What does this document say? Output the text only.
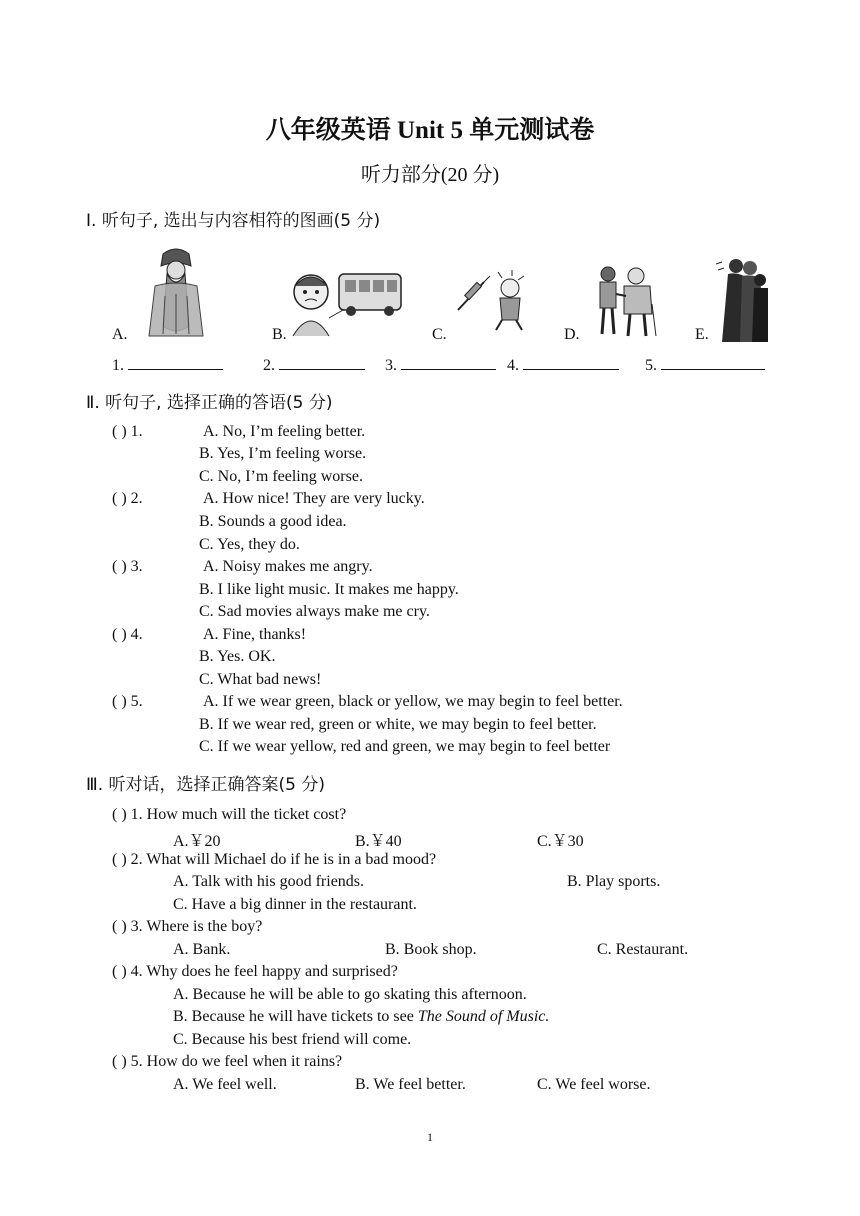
八年级英语 Unit 5 单元测试卷
听力部分(20 分)
Ⅰ. 听句子, 选出与内容相符的图画(5 分)
A.	B.	C.	D.	E.
1.	2.	3.	4.	5.
Ⅱ. 听句子, 选择正确的答语(5 分)
( ) 1.	A. No, I’m feeling better.
B. Yes, I’m feeling worse.
C. No, I’m feeling worse.
( ) 2.	A. How nice! They are very lucky.
B. Sounds a good idea.
C. Yes, they do.
( ) 3.	A. Noisy makes me angry.
B. I like light music. It makes me happy.
C. Sad movies always make me cry.
( ) 4.	A. Fine, thanks!
B. Yes. OK.
C. What bad news!
( ) 5.	A. If we wear green, black or yellow, we may begin to feel better.
B. If we wear red, green or white, we may begin to feel better.
C. If we wear yellow, red and green, we may begin to feel better
Ⅲ. 听对话，选择正确答案(5 分)
( ) 1. How much will the ticket cost?
A.￥20	B.￥40	C.￥30
( ) 2. What will Michael do if he is in a bad mood?
A. Talk with his good friends.	B. Play sports.
C. Have a big dinner in the restaurant.
( ) 3. Where is the boy?
A. Bank.	B. Book shop.	C. Restaurant.
( ) 4. Why does he feel happy and surprised?
A. Because he will be able to go skating this afternoon.
B. Because he will have tickets to see The Sound of Music.
C. Because his best friend will come.
( ) 5. How do we feel when it rains?
A. We feel well.	B. We feel better.	C. We feel worse.
1
